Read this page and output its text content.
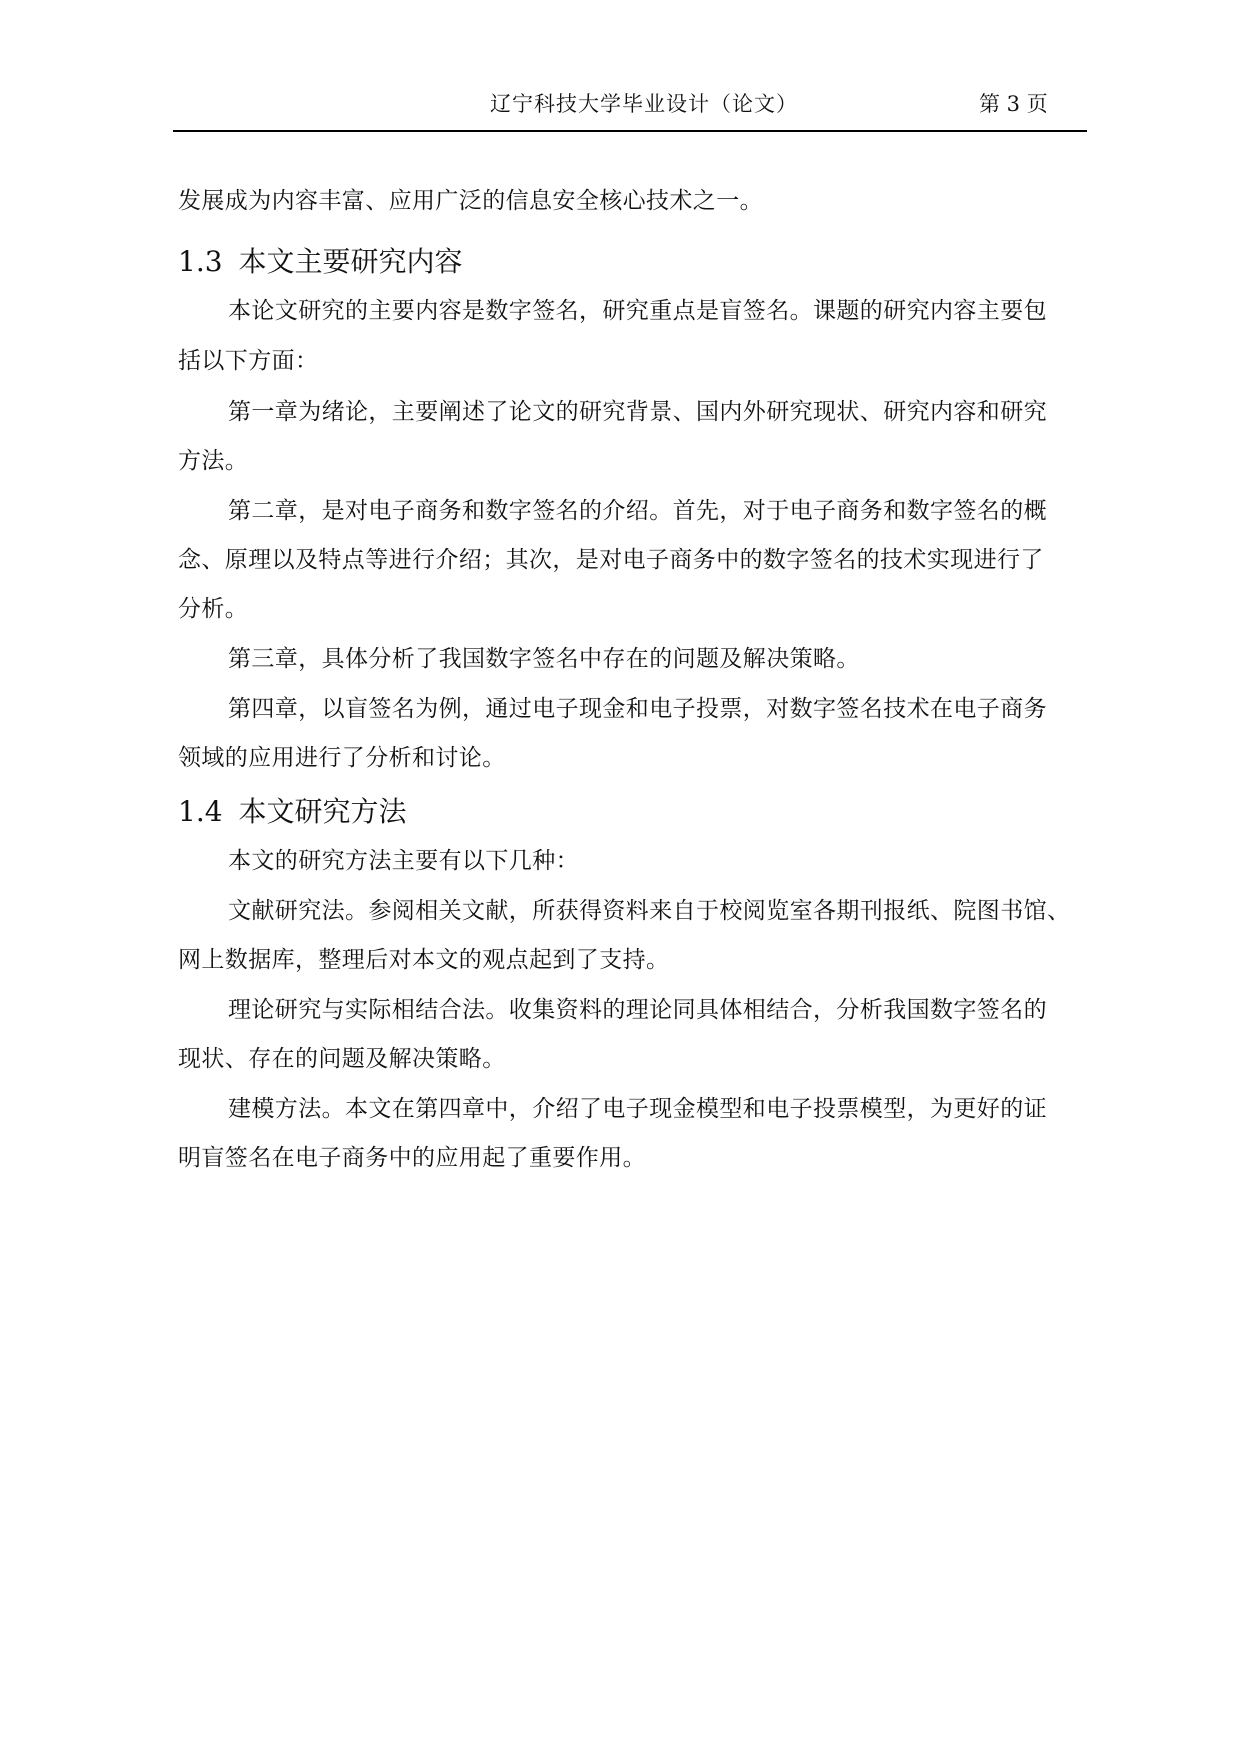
辽宁科技大学毕业设计（论文）	第 3 页

发展成为内容丰富、应用广泛的信息安全核心技术之一。

1.3 本文主要研究内容

本论文研究的主要内容是数字签名，研究重点是盲签名。课题的研究内容主要包

括以下方面：

第一章为绪论，主要阐述了论文的研究背景、国内外研究现状、研究内容和研究

方法。

第二章，是对电子商务和数字签名的介绍。首先，对于电子商务和数字签名的概

念、原理以及特点等进行介绍；其次，是对电子商务中的数字签名的技术实现进行了

分析。

第三章，具体分析了我国数字签名中存在的问题及解决策略。

第四章，以盲签名为例，通过电子现金和电子投票，对数字签名技术在电子商务

领域的应用进行了分析和讨论。

1.4 本文研究方法

本文的研究方法主要有以下几种：

文献研究法。参阅相关文献，所获得资料来自于校阅览室各期刊报纸、院图书馆、

网上数据库，整理后对本文的观点起到了支持。

理论研究与实际相结合法。收集资料的理论同具体相结合，分析我国数字签名的

现状、存在的问题及解决策略。

建模方法。本文在第四章中，介绍了电子现金模型和电子投票模型，为更好的证

明盲签名在电子商务中的应用起了重要作用。
